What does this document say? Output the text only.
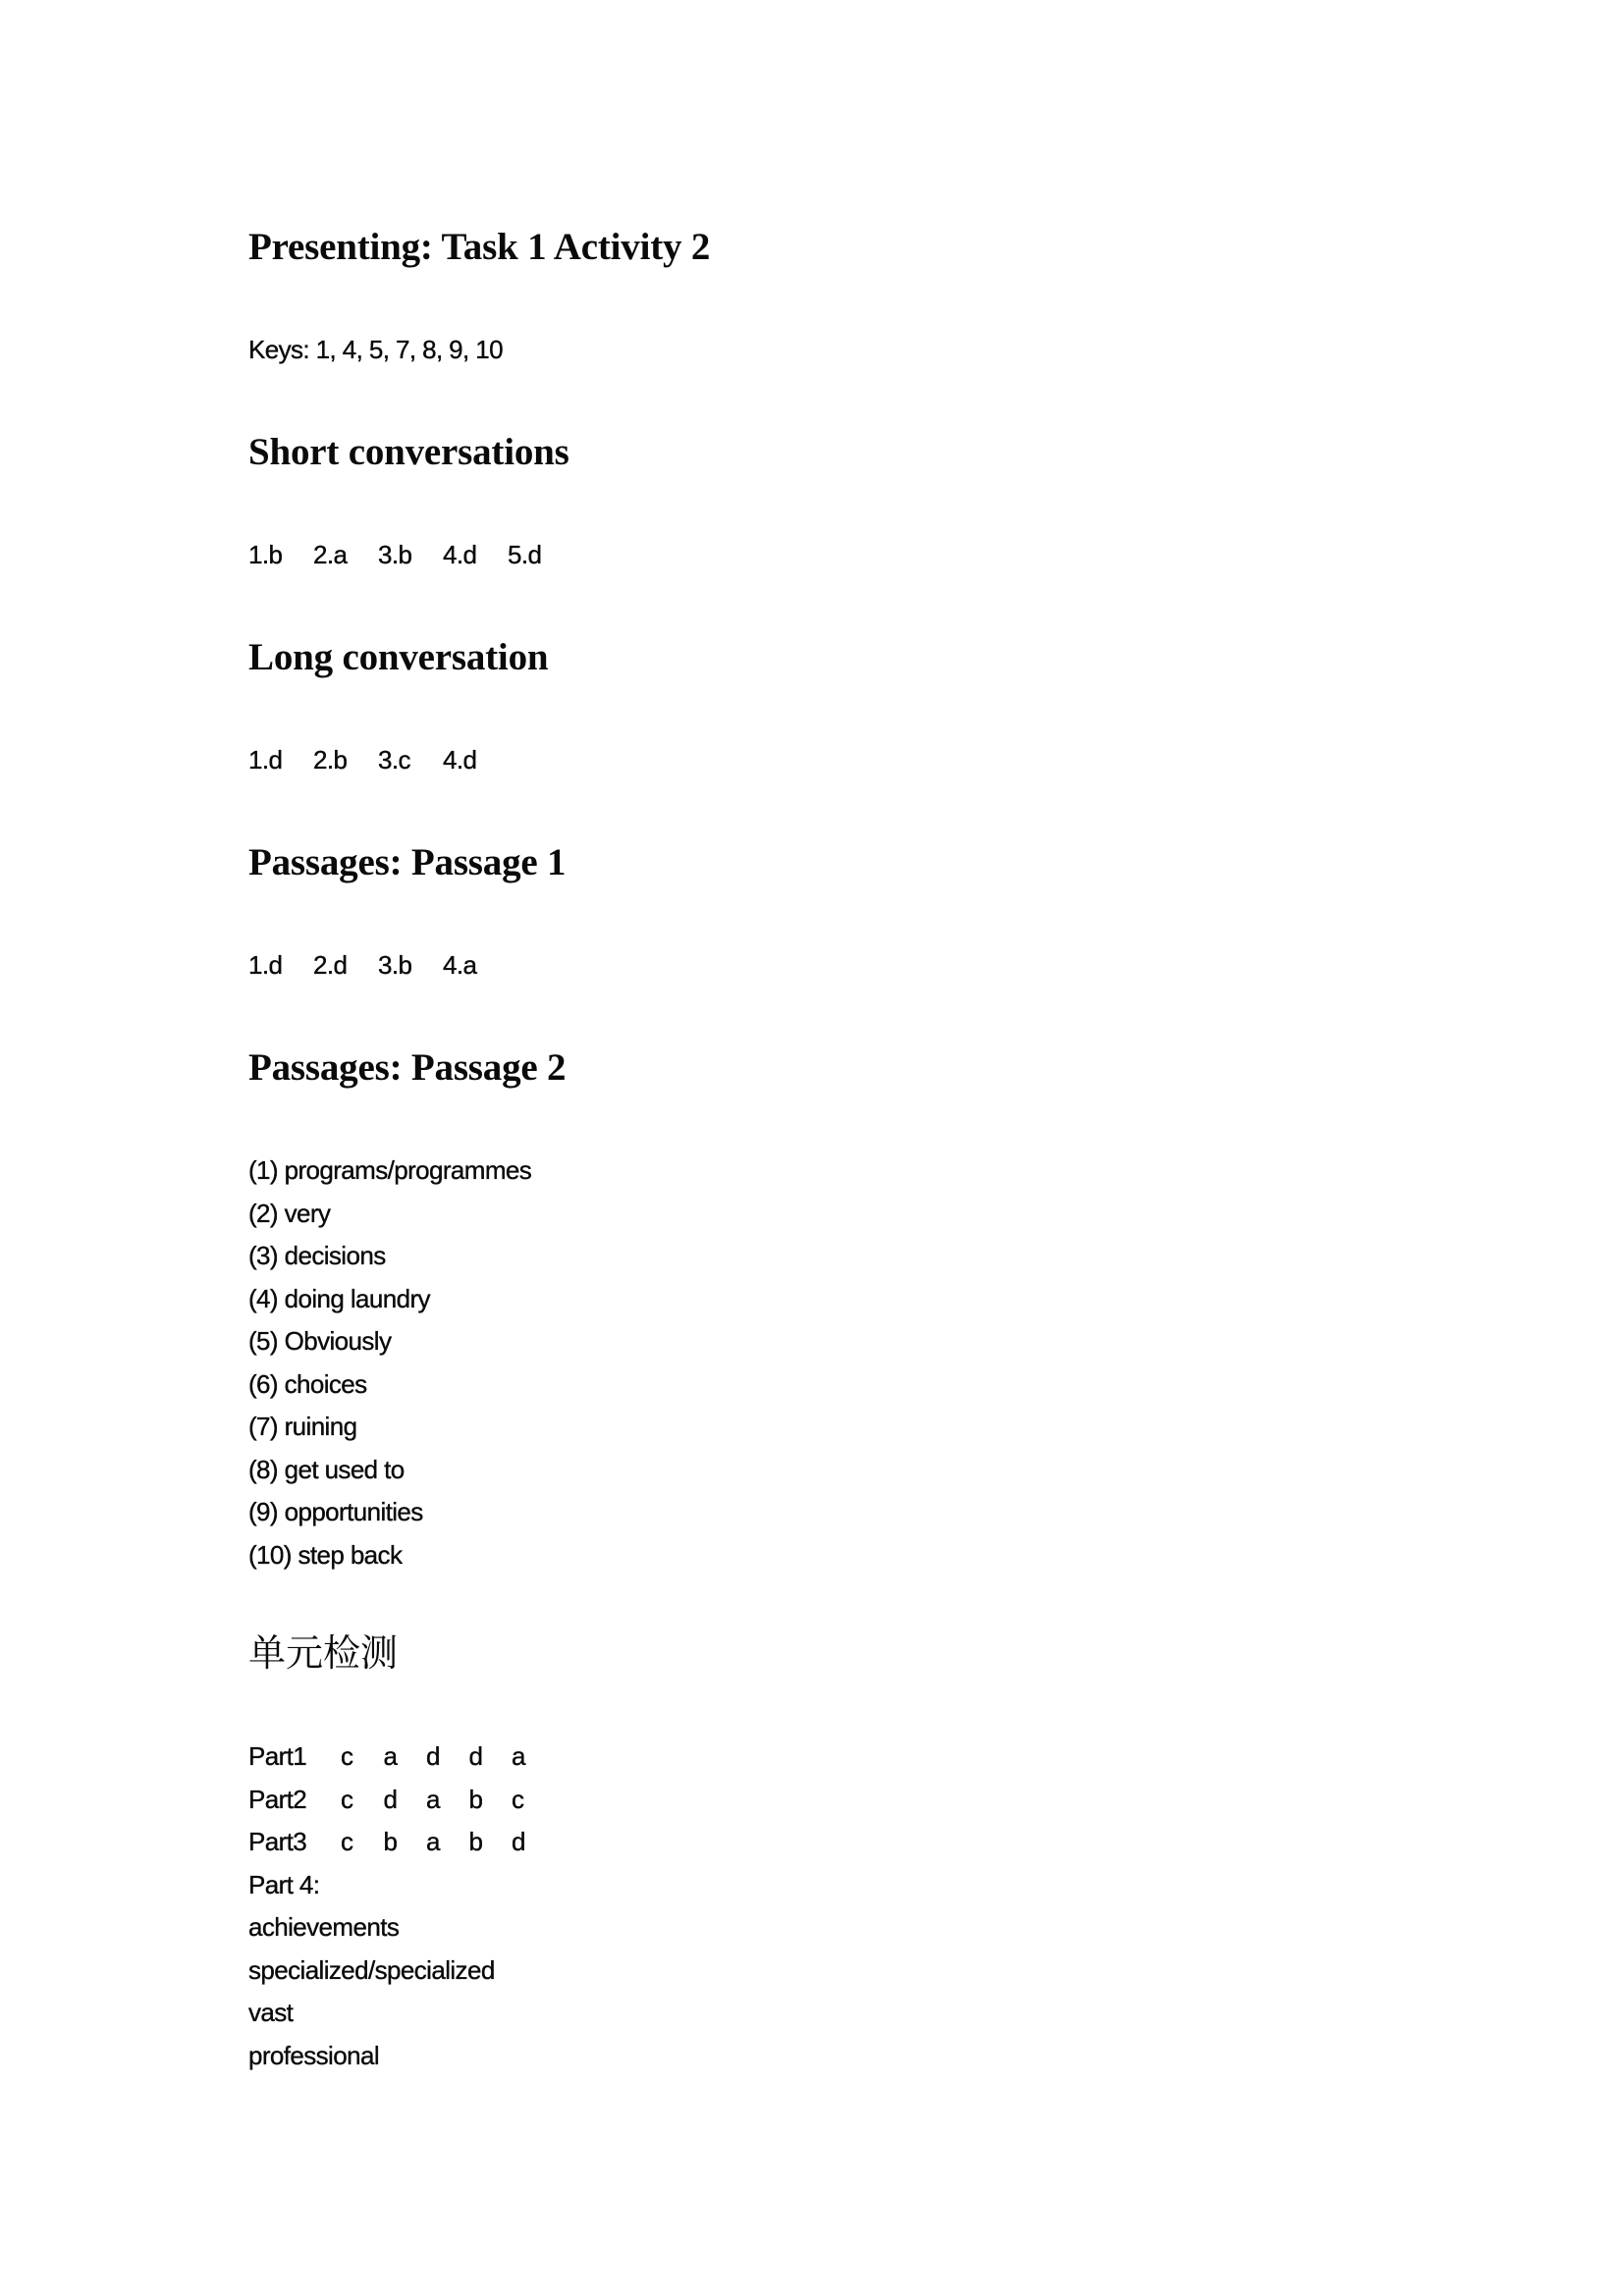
Presenting: Task 1 Activity 2
Keys: 1, 4, 5, 7, 8, 9, 10
Short conversations
1.b 2.a 3.b 4.d 5.d
Long conversation
1.d 2.b 3.c 4.d
Passages: Passage 1
1.d 2.d 3.b 4.a
Passages: Passage 2
(1) programs/programmes
(2) very
(3) decisions
(4) doing laundry
(5) Obviously
(6) choices
(7) ruining
(8) get used to
(9) opportunities
(10) step back
单元检测
Part1 c a d d a
Part2 c d a b c
Part3 c b a b d
Part 4:
achievements
specialized/specialized
vast
professional
